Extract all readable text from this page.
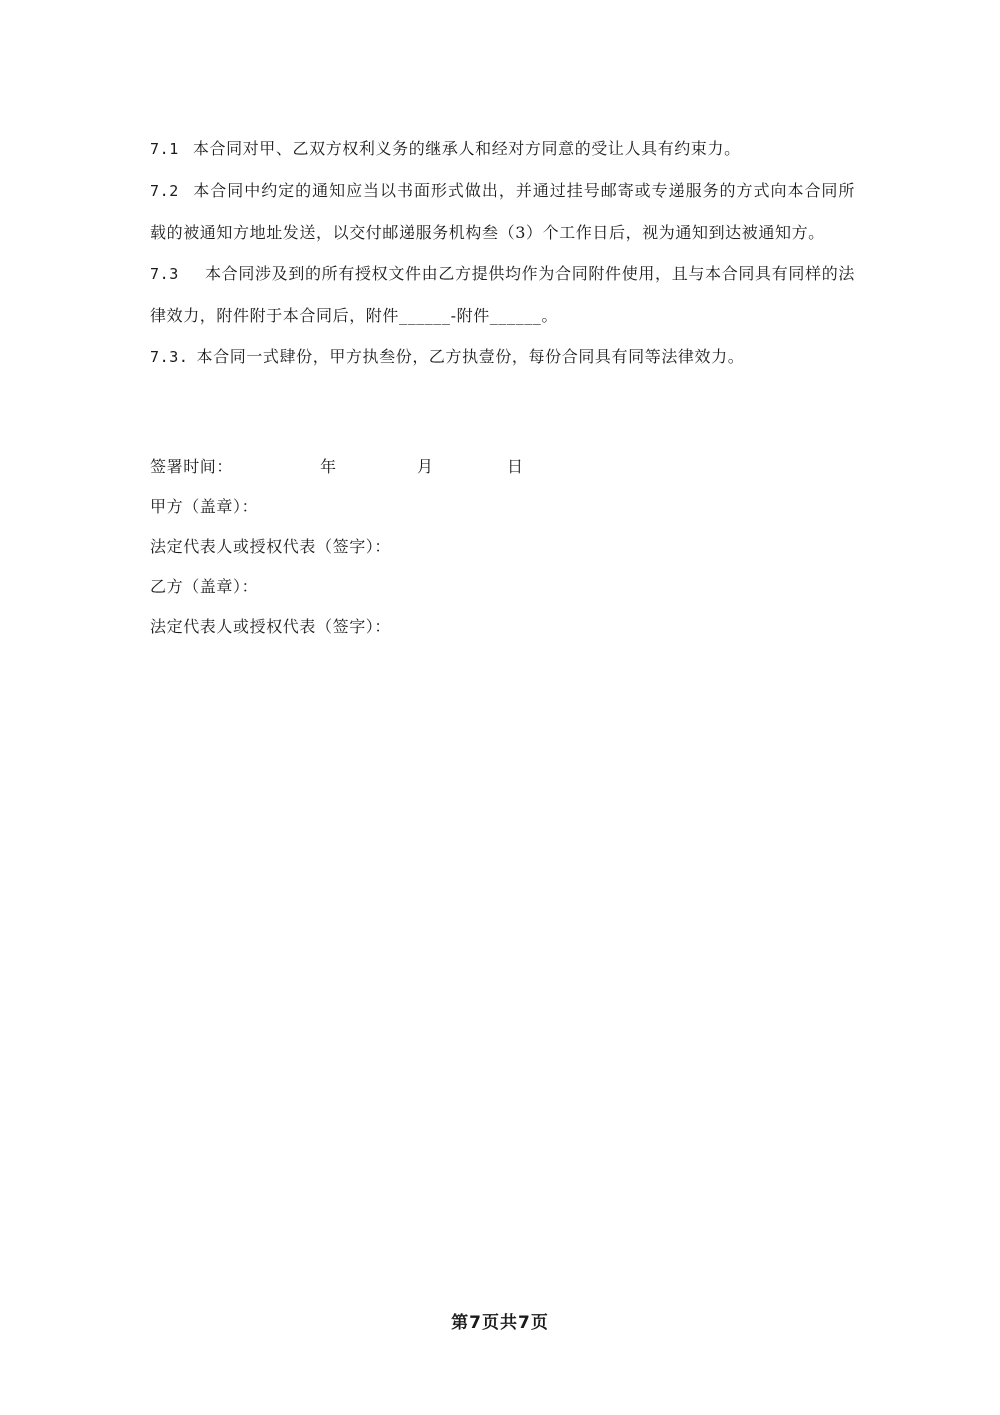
7.1 本合同对甲、乙双方权利义务的继承人和经对方同意的受让人具有约束力。

7.2 本合同中约定的通知应当以书面形式做出，并通过挂号邮寄或专递服务的方式向本合同所载的被通知方地址发送，以交付邮递服务机构叁（3）个工作日后，视为通知到达被通知方。

7.3 本合同涉及到的所有授权文件由乙方提供均作为合同附件使用，且与本合同具有同样的法律效力，附件附于本合同后，附件______-附件______。

7.3. 本合同一式肆份，甲方执叁份，乙方执壹份，每份合同具有同等法律效力。

签署时间：	年	月	日

甲方（盖章）：

法定代表人或授权代表（签字）：

乙方（盖章）：

法定代表人或授权代表（签字）：

第7页共7页
